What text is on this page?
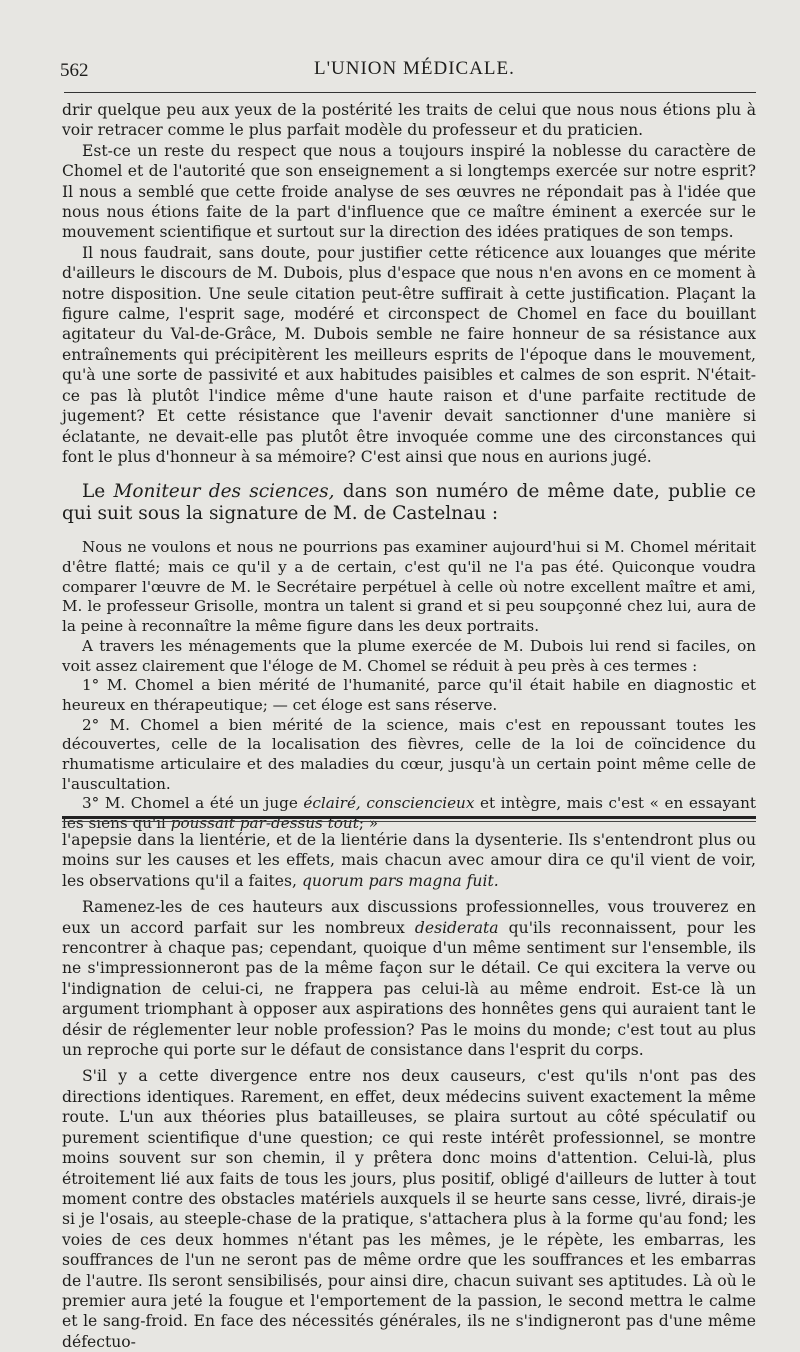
562	L'UNION MÉDICALE.

drir quelque peu aux yeux de la postérité les traits de celui que nous nous étions plu à voir retracer comme le plus parfait modèle du professeur et du praticien.

Est-ce un reste du respect que nous a toujours inspiré la noblesse du caractère de Chomel et de l'autorité que son enseignement a si longtemps exercée sur notre esprit? Il nous a semblé que cette froide analyse de ses œuvres ne répondait pas à l'idée que nous nous étions faite de la part d'influence que ce maître éminent a exercée sur le mouvement scientifique et surtout sur la direction des idées pratiques de son temps.

Il nous faudrait, sans doute, pour justifier cette réticence aux louanges que mérite d'ailleurs le discours de M. Dubois, plus d'espace que nous n'en avons en ce moment à notre disposition. Une seule citation peut-être suffirait à cette justification. Plaçant la figure calme, l'esprit sage, modéré et circonspect de Chomel en face du bouillant agitateur du Val-de-Grâce, M. Dubois semble ne faire honneur de sa résistance aux entraînements qui précipitèrent les meilleurs esprits de l'époque dans le mouvement, qu'à une sorte de passivité et aux habitudes paisibles et calmes de son esprit. N'était-ce pas là plutôt l'indice même d'une haute raison et d'une parfaite rectitude de jugement? Et cette résistance que l'avenir devait sanctionner d'une manière si éclatante, ne devait-elle pas plutôt être invoquée comme une des circonstances qui font le plus d'honneur à sa mémoire? C'est ainsi que nous en aurions jugé.

Le Moniteur des sciences, dans son numéro de même date, publie ce qui suit sous la signature de M. de Castelnau :

Nous ne voulons et nous ne pourrions pas examiner aujourd'hui si M. Chomel méritait d'être flatté; mais ce qu'il y a de certain, c'est qu'il ne l'a pas été. Quiconque voudra comparer l'œuvre de M. le Secrétaire perpétuel à celle où notre excellent maître et ami, M. le professeur Grisolle, montra un talent si grand et si peu soupçonné chez lui, aura de la peine à reconnaître la même figure dans les deux portraits.

A travers les ménagements que la plume exercée de M. Dubois lui rend si faciles, on voit assez clairement que l'éloge de M. Chomel se réduit à peu près à ces termes :

1° M. Chomel a bien mérité de l'humanité, parce qu'il était habile en diagnostic et heureux en thérapeutique; — cet éloge est sans réserve.

2° M. Chomel a bien mérité de la science, mais c'est en repoussant toutes les découvertes, celle de la localisation des fièvres, celle de la loi de coïncidence du rhumatisme articulaire et des maladies du cœur, jusqu'à un certain point même celle de l'auscultation.

3° M. Chomel a été un juge éclairé, consciencieux et intègre, mais c'est « en essayant les siens qu'il poussait par-dessus tout; »

l'apepsie dans la lientérie, et de la lientérie dans la dysenterie. Ils s'entendront plus ou moins sur les causes et les effets, mais chacun avec amour dira ce qu'il vient de voir, les observations qu'il a faites, quorum pars magna fuit.

Ramenez-les de ces hauteurs aux discussions professionnelles, vous trouverez en eux un accord parfait sur les nombreux desiderata qu'ils reconnaissent, pour les rencontrer à chaque pas; cependant, quoique d'un même sentiment sur l'ensemble, ils ne s'impressionneront pas de la même façon sur le détail. Ce qui excitera la verve ou l'indignation de celui-ci, ne frappera pas celui-là au même endroit. Est-ce là un argument triomphant à opposer aux aspirations des honnêtes gens qui auraient tant le désir de réglementer leur noble profession? Pas le moins du monde; c'est tout au plus un reproche qui porte sur le défaut de consistance dans l'esprit du corps.

S'il y a cette divergence entre nos deux causeurs, c'est qu'ils n'ont pas des directions identiques. Rarement, en effet, deux médecins suivent exactement la même route. L'un aux théories plus batailleuses, se plaira surtout au côté spéculatif ou purement scientifique d'une question; ce qui reste intérêt professionnel, se montre moins souvent sur son chemin, il y prêtera donc moins d'attention. Celui-là, plus étroitement lié aux faits de tous les jours, plus positif, obligé d'ailleurs de lutter à tout moment contre des obstacles matériels auxquels il se heurte sans cesse, livré, dirais-je si je l'osais, au steeple-chase de la pratique, s'attachera plus à la forme qu'au fond; les voies de ces deux hommes n'étant pas les mêmes, je le répète, les embarras, les souffrances de l'un ne seront pas de même ordre que les souffrances et les embarras de l'autre. Ils seront sensibilisés, pour ainsi dire, chacun suivant ses aptitudes. Là où le premier aura jeté la fougue et l'emportement de la passion, le second mettra le calme et le sang-froid. En face des nécessités générales, ils ne s'indigneront pas d'une même défectuo-
